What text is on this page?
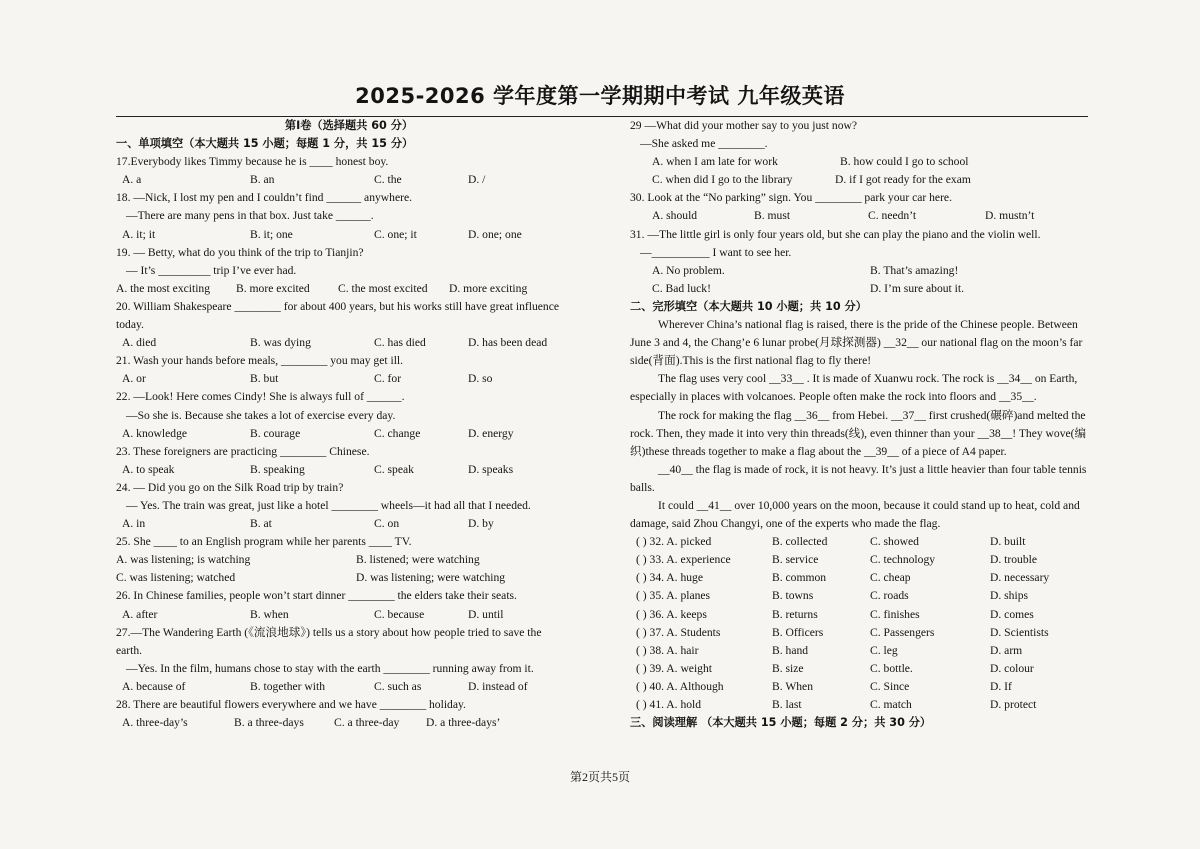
2025-2026 学年度第一学期期中考试 九年级英语
第Ⅰ卷（选择题共 60 分）
一、单项填空（本大题共 15 小题；每题 1 分，共 15 分）
17.Everybody likes Timmy because he is ____ honest boy.
A. a	B. an	C. the	D. /
18. —Nick, I lost my pen and I couldn’t find ______ anywhere.
—There are many pens in that box. Just take ______.
A. it; it	B. it; one	C. one; it	D. one; one
19. — Betty, what do you think of the trip to Tianjin?
— It’s _________ trip I’ve ever had.
A. the most exciting B. more excited C. the most excited D. more exciting
20. William Shakespeare ________ for about 400 years, but his works still have great influence
today.
A. died	B. was dying	C. has died	D. has been dead
21. Wash your hands before meals, ________ you may get ill.
A. or	B. but	C. for	D. so
22. —Look! Here comes Cindy! She is always full of ______.
—So she is. Because she takes a lot of exercise every day.
A. knowledge	B. courage	C. change	D. energy
23. These foreigners are practicing ________ Chinese.
A. to speak	B. speaking	C. speak	D. speaks
24. — Did you go on the Silk Road trip by train?
— Yes. The train was great, just like a hotel ________ wheels—it had all that I needed.
A. in	B. at	C. on	D. by
25. She ____ to an English program while her parents ____ TV.
A. was listening; is watching	B. listened; were watching
C. was listening; watched	D. was listening; were watching
26. In Chinese families, people won’t start dinner ________ the elders take their seats.
A. after	B. when	C. because	D. until
27.—The Wandering Earth (《流浪地球》) tells us a story about how people tried to save the
earth.
—Yes. In the film, humans chose to stay with the earth ________ running away from it.
A. because of	B. together with	C. such as	D. instead of
28. There are beautiful flowers everywhere and we have ________ holiday.
A. three-day’s	B. a three-days	C. a three-day D. a three-days’
29 —What did your mother say to you just now?
—She asked me ________.
A. when I am late for work	B. how could I go to school
C. when did I go to the library	D. if I got ready for the exam
30. Look at the “No parking” sign. You ________ park your car here.
A. should	B. must	C. needn’t	D. mustn’t
31. —The little girl is only four years old, but she can play the piano and the violin well.
—__________ I want to see her.
A. No problem.	B. That’s amazing!
C. Bad luck!	D. I’m sure about it.
二、完形填空（本大题共 10 小题；共 10 分）
Wherever China’s national flag is raised, there is the pride of the Chinese people. Between
June 3 and 4, the Chang’e 6 lunar probe(月球探测器) __32__ our national flag on the moon’s far
side(背面).This is the first national flag to fly there!
The flag uses very cool __33__ . It is made of Xuanwu rock. The rock is __34__ on Earth,
especially in places with volcanoes. People often make the rock into floors and __35__.
The rock for making the flag __36__ from Hebei. __37__ first crushed(碾碎)and melted the
rock. Then, they made it into very thin threads(线), even thinner than your __38__! They wove(编
织)these threads together to make a flag about the __39__ of a piece of A4 paper.
__40__ the flag is made of rock, it is not heavy. It’s just a little heavier than four table tennis
balls.
It could __41__ over 10,000 years on the moon, because it could stand up to heat, cold and
damage, said Zhou Changyi, one of the experts who made the flag.
( ) 32. A. picked	B. collected	C. showed	D. built
( ) 33. A. experience	B. service	C. technology	D. trouble
( ) 34. A. huge	B. common	C. cheap	D. necessary
( ) 35. A. planes	B. towns	C. roads	D. ships
( ) 36. A. keeps	B. returns	C. finishes	D. comes
( ) 37. A. Students	B. Officers	C. Passengers	D. Scientists
( ) 38. A. hair	B. hand	C. leg	D. arm
( ) 39. A. weight	B. size	C. bottle.	D. colour
( ) 40. A. Although	B. When	C. Since	D. If
( ) 41. A. hold	B. last	C. match	D. protect
三、阅读理解 （本大题共 15 小题；每题 2 分；共 30 分）
第2页共5页
